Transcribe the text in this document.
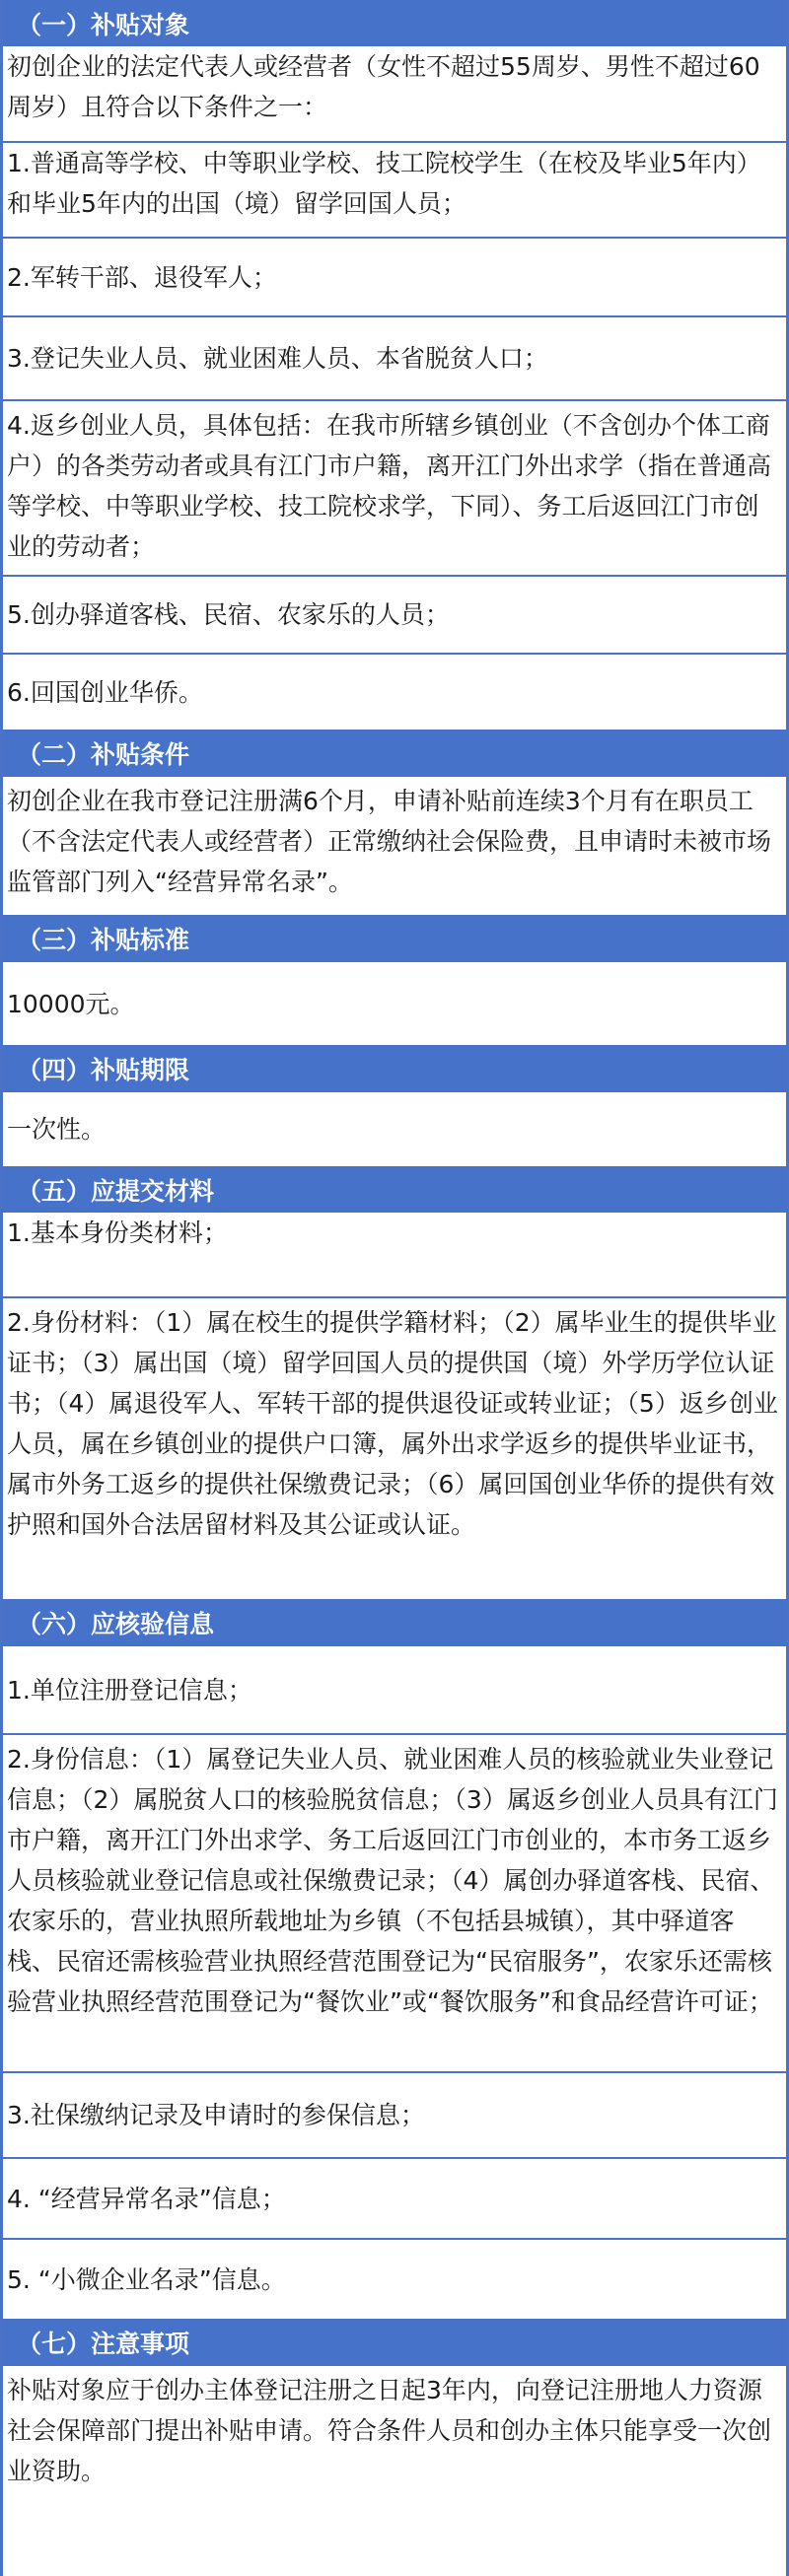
（一）补贴对象
初创企业的法定代表人或经营者（女性不超过55周岁、男性不超过60周岁）且符合以下条件之一：
1.普通高等学校、中等职业学校、技工院校学生（在校及毕业5年内）和毕业5年内的出国（境）留学回国人员；
2.军转干部、退役军人；
3.登记失业人员、就业困难人员、本省脱贫人口；
4.返乡创业人员，具体包括：在我市所辖乡镇创业（不含创办个体工商户）的各类劳动者或具有江门市户籍，离开江门外出求学（指在普通高等学校、中等职业学校、技工院校求学，下同）、务工后返回江门市创业的劳动者；
5.创办驿道客栈、民宿、农家乐的人员；
6.回国创业华侨。
（二）补贴条件
初创企业在我市登记注册满6个月，申请补贴前连续3个月有在职员工（不含法定代表人或经营者）正常缴纳社会保险费，且申请时未被市场监管部门列入“经营异常名录”。
（三）补贴标准
10000元。
（四）补贴期限
一次性。
（五）应提交材料
1.基本身份类材料；
2.身份材料：（1）属在校生的提供学籍材料；（2）属毕业生的提供毕业证书；（3）属出国（境）留学回国人员的提供国（境）外学历学位认证书；（4）属退役军人、军转干部的提供退役证或转业证；（5）返乡创业人员，属在乡镇创业的提供户口簿，属外出求学返乡的提供毕业证书，属市外务工返乡的提供社保缴费记录；（6）属回国创业华侨的提供有效护照和国外合法居留材料及其公证或认证。
（六）应核验信息
1.单位注册登记信息；
2.身份信息：（1）属登记失业人员、就业困难人员的核验就业失业登记信息；（2）属脱贫人口的核验脱贫信息；（3）属返乡创业人员具有江门市户籍，离开江门外出求学、务工后返回江门市创业的，本市务工返乡人员核验就业登记信息或社保缴费记录；（4）属创办驿道客栈、民宿、农家乐的，营业执照所载地址为乡镇（不包括县城镇），其中驿道客栈、民宿还需核验营业执照经营范围登记为“民宿服务”，农家乐还需核验营业执照经营范围登记为“餐饮业”或“餐饮服务”和食品经营许可证；
3.社保缴纳记录及申请时的参保信息；
4. “经营异常名录”信息；
5. “小微企业名录”信息。
（七）注意事项
补贴对象应于创办主体登记注册之日起3年内，向登记注册地人力资源社会保障部门提出补贴申请。符合条件人员和创办主体只能享受一次创业资助。
